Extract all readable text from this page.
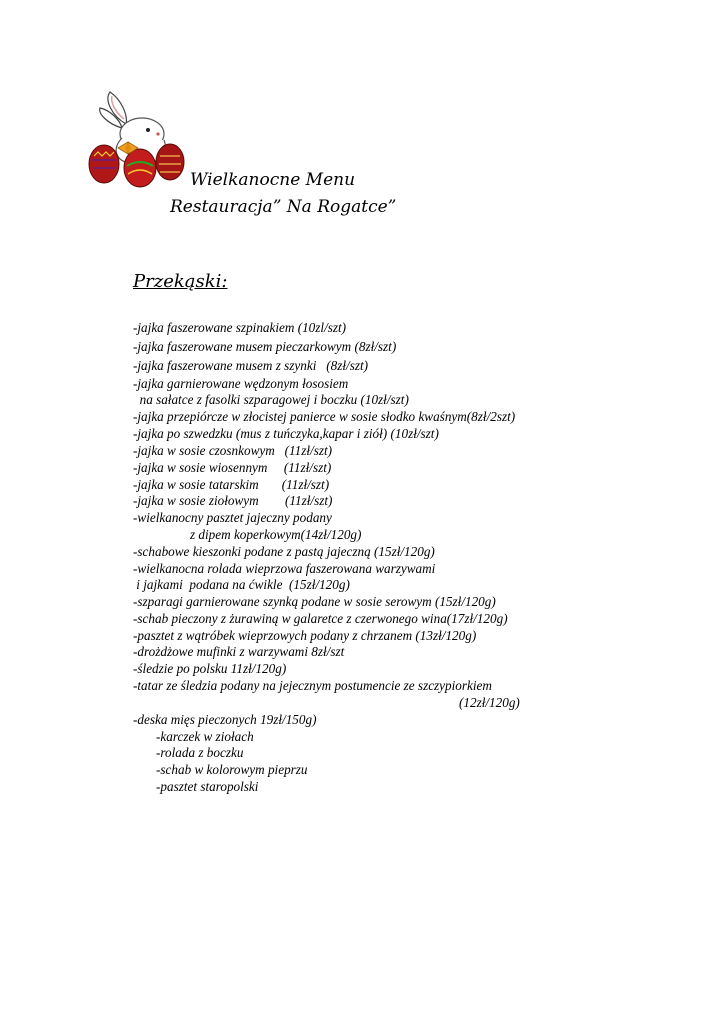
Wielkanocne Menu
Restauracja” Na Rogatce”
Przekąski:
-jajka faszerowane szpinakiem (10zl/szt)
-jajka faszerowane musem pieczarkowym (8zł/szt)
-jajka faszerowane musem z szynki   (8zł/szt)
-jajka garnierowane wędzonym łososiem
na sałatce z fasolki szparagowej i boczku (10zł/szt)
-jajka przepiórcze w złocistej panierce w sosie słodko kwaśnym(8zł/2szt)
-jajka po szwedzku (mus z tuńczyka,kapar i ziół) (10zł/szt)
-jajka w sosie czosnkowym   (11zł/szt)
-jajka w sosie wiosennym     (11zł/szt)
-jajka w sosie tatarskim       (11zł/szt)
-jajka w sosie ziołowym        (11zł/szt)
-wielkanocny pasztet jajeczny podany
z dipem koperkowym(14zł/120g)
-schabowe kieszonki podane z pastą jajeczną (15zł/120g)
-wielkanocna rolada wieprzowa faszerowana warzywami
i jajkami  podana na ćwikle  (15zł/120g)
-szparagi garnierowane szynką podane w sosie serowym (15zł/120g)
-schab pieczony z żurawiną w galaretce z czerwonego wina(17zł/120g)
-pasztet z wątróbek wieprzowych podany z chrzanem (13zł/120g)
-drożdżowe mufinki z warzywami 8zł/szt
-śledzie po polsku 11zł/120g)
-tatar ze śledzia podany na jejecznym postumencie ze szczypiorkiem
(12zł/120g)
-deska mięs pieczonych 19zł/150g)
-karczek w ziołach
-rolada z boczku
-schab w kolorowym pieprzu
-pasztet staropolski
